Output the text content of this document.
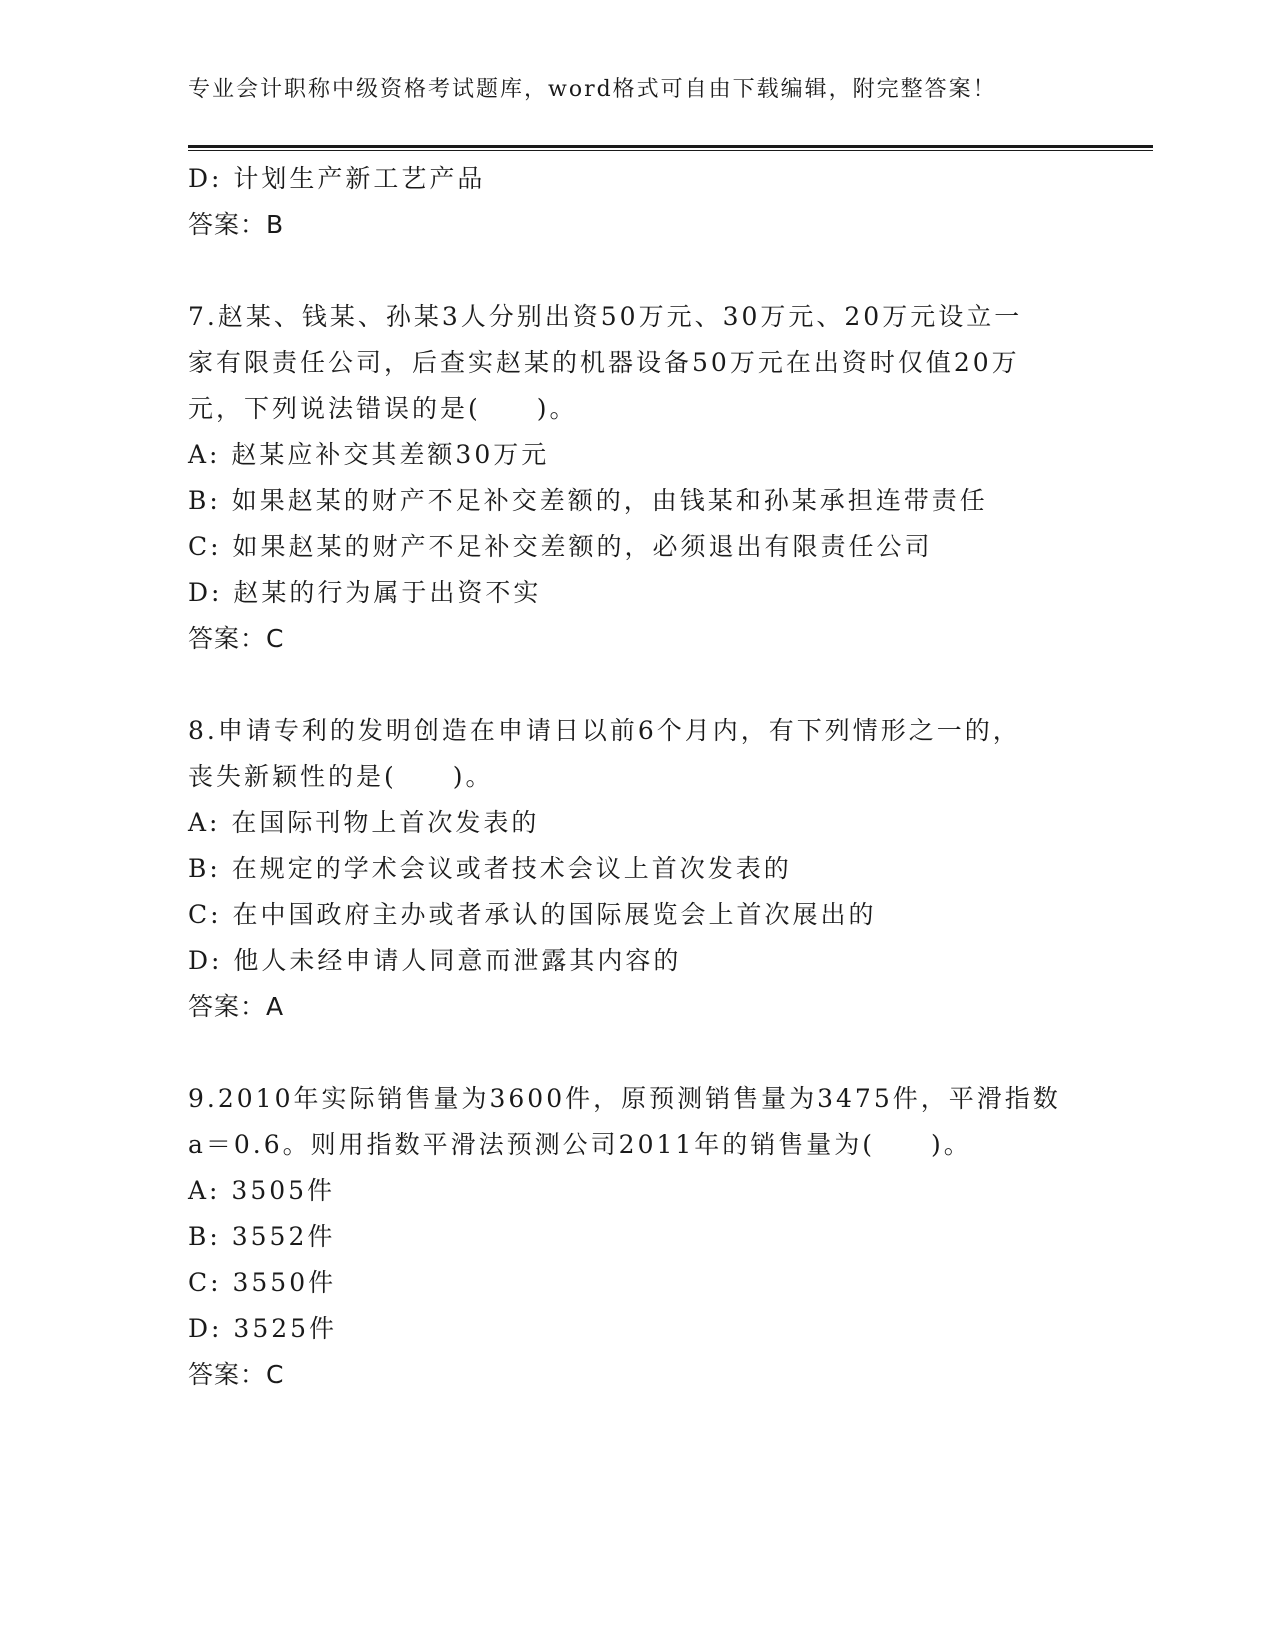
专业会计职称中级资格考试题库，word格式可自由下载编辑，附完整答案！
D: 计划生产新工艺产品
答案：B
7.赵某、钱某、孙某3人分别出资50万元、30万元、20万元设立一
家有限责任公司，后查实赵某的机器设备50万元在出资时仅值20万
元，下列说法错误的是(　　)。
A: 赵某应补交其差额30万元
B: 如果赵某的财产不足补交差额的，由钱某和孙某承担连带责任
C: 如果赵某的财产不足补交差额的，必须退出有限责任公司
D: 赵某的行为属于出资不实
答案：C
8.申请专利的发明创造在申请日以前6个月内，有下列情形之一的，
丧失新颖性的是(　　)。
A: 在国际刊物上首次发表的
B: 在规定的学术会议或者技术会议上首次发表的
C: 在中国政府主办或者承认的国际展览会上首次展出的
D: 他人未经申请人同意而泄露其内容的
答案：A
9.2010年实际销售量为3600件，原预测销售量为3475件，平滑指数
a＝0.6。则用指数平滑法预测公司2011年的销售量为(　　)。
A: 3505件
B: 3552件
C: 3550件
D: 3525件
答案：C
